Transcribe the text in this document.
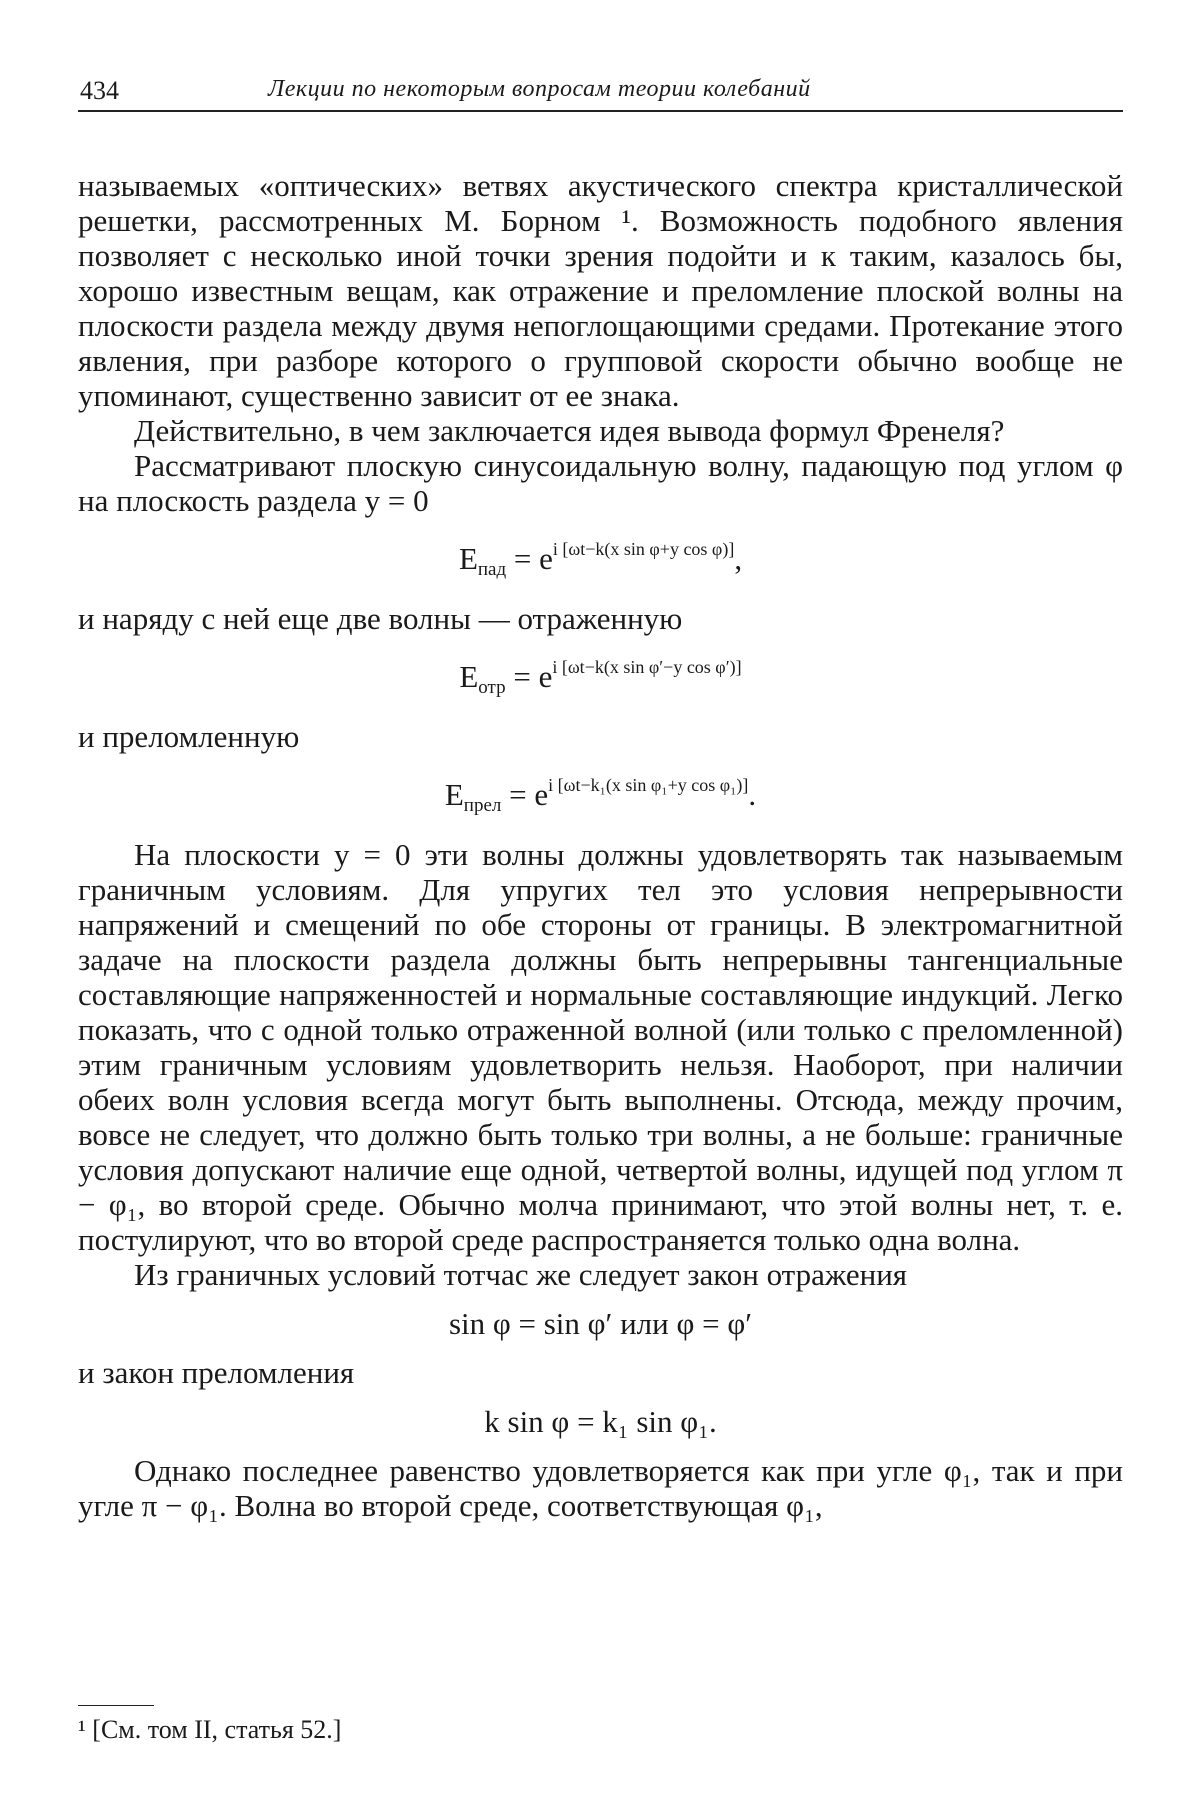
434	Лекции по некоторым вопросам теории колебаний

называемых «оптических» ветвях акустического спектра кристаллической решетки, рассмотренных М. Борном ¹. Возможность подобного явления позволяет с несколько иной точки зрения подойти и к таким, казалось бы, хорошо известным вещам, как отражение и преломление плоской волны на плоскости раздела между двумя непоглощающими средами. Протекание этого явления, при разборе которого о групповой скорости обычно вообще не упоминают, существенно зависит от ее знака.

Действительно, в чем заключается идея вывода формул Френеля?

Рассматривают плоскую синусоидальную волну, падающую под углом φ на плоскость раздела y = 0

Eпад = $e^{i [\omega t-k(x sin \varphi+y cos \varphi)]}$,

и наряду с ней еще две волны — отраженную

Eотр = $e^{i [\omega t-k(x sin \varphi'-y cos \varphi')]}$

и преломленную

Eпрел = $e^{i [\omega t-k_1(x sin \varphi_1+y cos \varphi_1)]}$.

На плоскости y = 0 эти волны должны удовлетворять так называемым граничным условиям. Для упругих тел это условия непрерывности напряжений и смещений по обе стороны от границы. В электромагнитной задаче на плоскости раздела должны быть непрерывны тангенциальные составляющие напряженностей и нормальные составляющие индукций. Легко показать, что с одной только отраженной волной (или только с преломленной) этим граничным условиям удовлетворить нельзя. Наоборот, при наличии обеих волн условия всегда могут быть выполнены. Отсюда, между прочим, вовсе не следует, что должно быть только три волны, а не больше: граничные условия допускают наличие еще одной, четвертой волны, идущей под углом π − φ₁, во второй среде. Обычно молча принимают, что этой волны нет, т. е. постулируют, что во второй среде распространяется только одна волна.

Из граничных условий тотчас же следует закон отражения

sin φ = sin φ′ или φ = φ′

и закон преломления

k sin φ = k₁ sin φ₁.

Однако последнее равенство удовлетворяется как при угле φ₁, так и при угле π − φ₁. Волна во второй среде, соответствующая φ₁,

¹ [См. том II, статья 52.]
